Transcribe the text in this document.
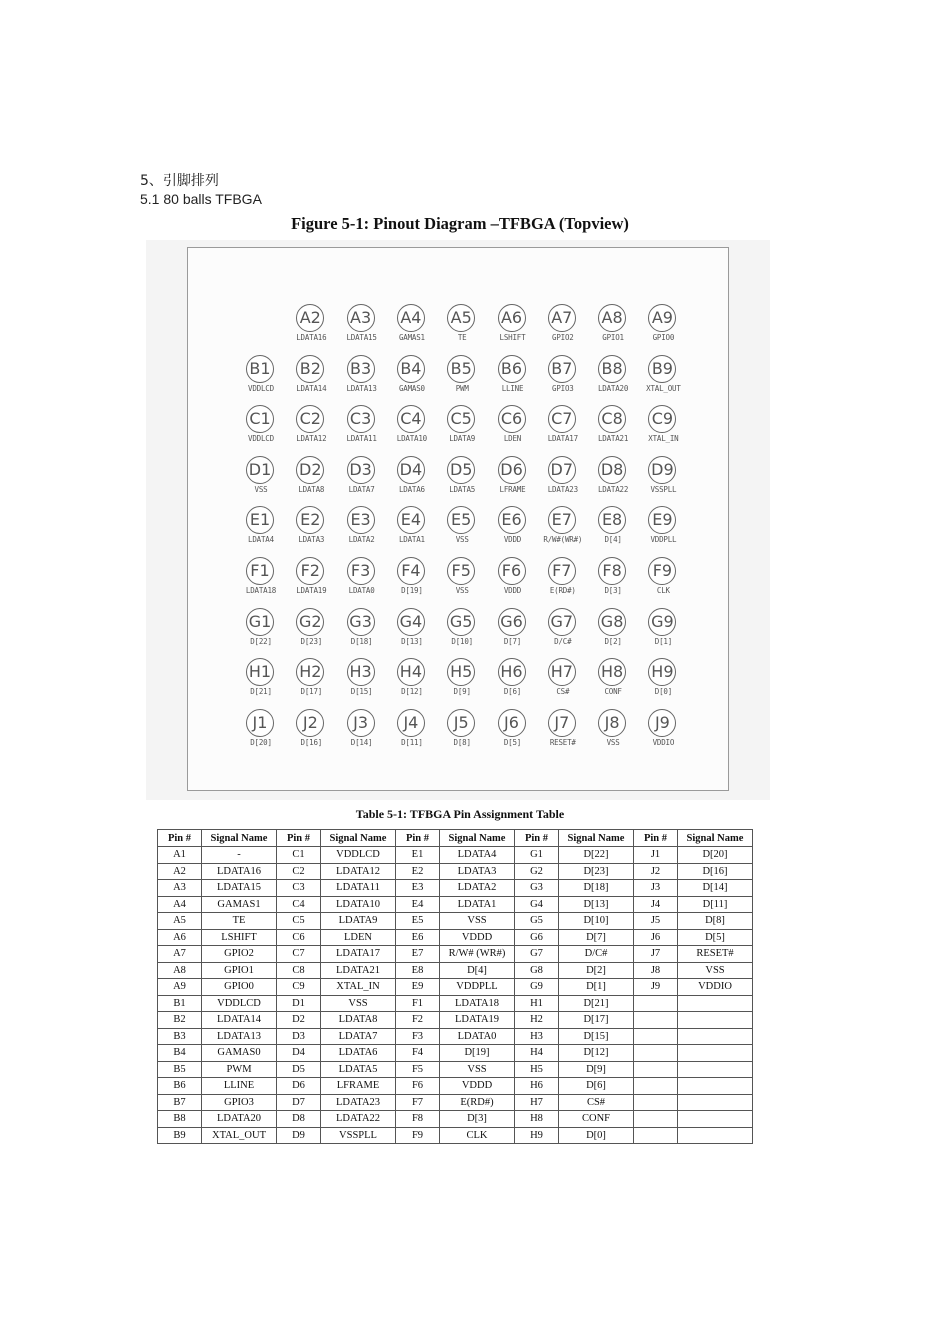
5、引脚排列
5.1 80 balls TFBGA
Figure 5-1: Pinout Diagram –TFBGA (Topview)
A2
LDATA16
A3
LDATA15
A4
GAMAS1
A5
TE
A6
LSHIFT
A7
GPIO2
A8
GPIO1
A9
GPIO0
B1
VDDLCD
B2
LDATA14
B3
LDATA13
B4
GAMAS0
B5
PWM
B6
LLINE
B7
GPIO3
B8
LDATA20
B9
XTAL_OUT
C1
VDDLCD
C2
LDATA12
C3
LDATA11
C4
LDATA10
C5
LDATA9
C6
LDEN
C7
LDATA17
C8
LDATA21
C9
XTAL_IN
D1
VSS
D2
LDATA8
D3
LDATA7
D4
LDATA6
D5
LDATA5
D6
LFRAME
D7
LDATA23
D8
LDATA22
D9
VSSPLL
E1
LDATA4
E2
LDATA3
E3
LDATA2
E4
LDATA1
E5
VSS
E6
VDDD
E7
R/W#(WR#)
E8
D[4]
E9
VDDPLL
F1
LDATA18
F2
LDATA19
F3
LDATA0
F4
D[19]
F5
VSS
F6
VDDD
F7
E(RD#)
F8
D[3]
F9
CLK
G1
D[22]
G2
D[23]
G3
D[18]
G4
D[13]
G5
D[10]
G6
D[7]
G7
D/C#
G8
D[2]
G9
D[1]
H1
D[21]
H2
D[17]
H3
D[15]
H4
D[12]
H5
D[9]
H6
D[6]
H7
CS#
H8
CONF
H9
D[0]
J1
D[20]
J2
D[16]
J3
D[14]
J4
D[11]
J5
D[8]
J6
D[5]
J7
RESET#
J8
VSS
J9
VDDIO
Table 5-1: TFBGA Pin Assignment Table
Pin #	Signal Name	Pin #	Signal Name	Pin #	Signal Name	Pin #	Signal Name	Pin #	Signal Name
A1	-	C1	VDDLCD	E1	LDATA4	G1	D[22]	J1	D[20]
A2	LDATA16	C2	LDATA12	E2	LDATA3	G2	D[23]	J2	D[16]
A3	LDATA15	C3	LDATA11	E3	LDATA2	G3	D[18]	J3	D[14]
A4	GAMAS1	C4	LDATA10	E4	LDATA1	G4	D[13]	J4	D[11]
A5	TE	C5	LDATA9	E5	VSS	G5	D[10]	J5	D[8]
A6	LSHIFT	C6	LDEN	E6	VDDD	G6	D[7]	J6	D[5]
A7	GPIO2	C7	LDATA17	E7	R/W# (WR#)	G7	D/C#	J7	RESET#
A8	GPIO1	C8	LDATA21	E8	D[4]	G8	D[2]	J8	VSS
A9	GPIO0	C9	XTAL_IN	E9	VDDPLL	G9	D[1]	J9	VDDIO
B1	VDDLCD	D1	VSS	F1	LDATA18	H1	D[21]		
B2	LDATA14	D2	LDATA8	F2	LDATA19	H2	D[17]		
B3	LDATA13	D3	LDATA7	F3	LDATA0	H3	D[15]		
B4	GAMAS0	D4	LDATA6	F4	D[19]	H4	D[12]		
B5	PWM	D5	LDATA5	F5	VSS	H5	D[9]		
B6	LLINE	D6	LFRAME	F6	VDDD	H6	D[6]		
B7	GPIO3	D7	LDATA23	F7	E(RD#)	H7	CS#		
B8	LDATA20	D8	LDATA22	F8	D[3]	H8	CONF		
B9	XTAL_OUT	D9	VSSPLL	F9	CLK	H9	D[0]		
